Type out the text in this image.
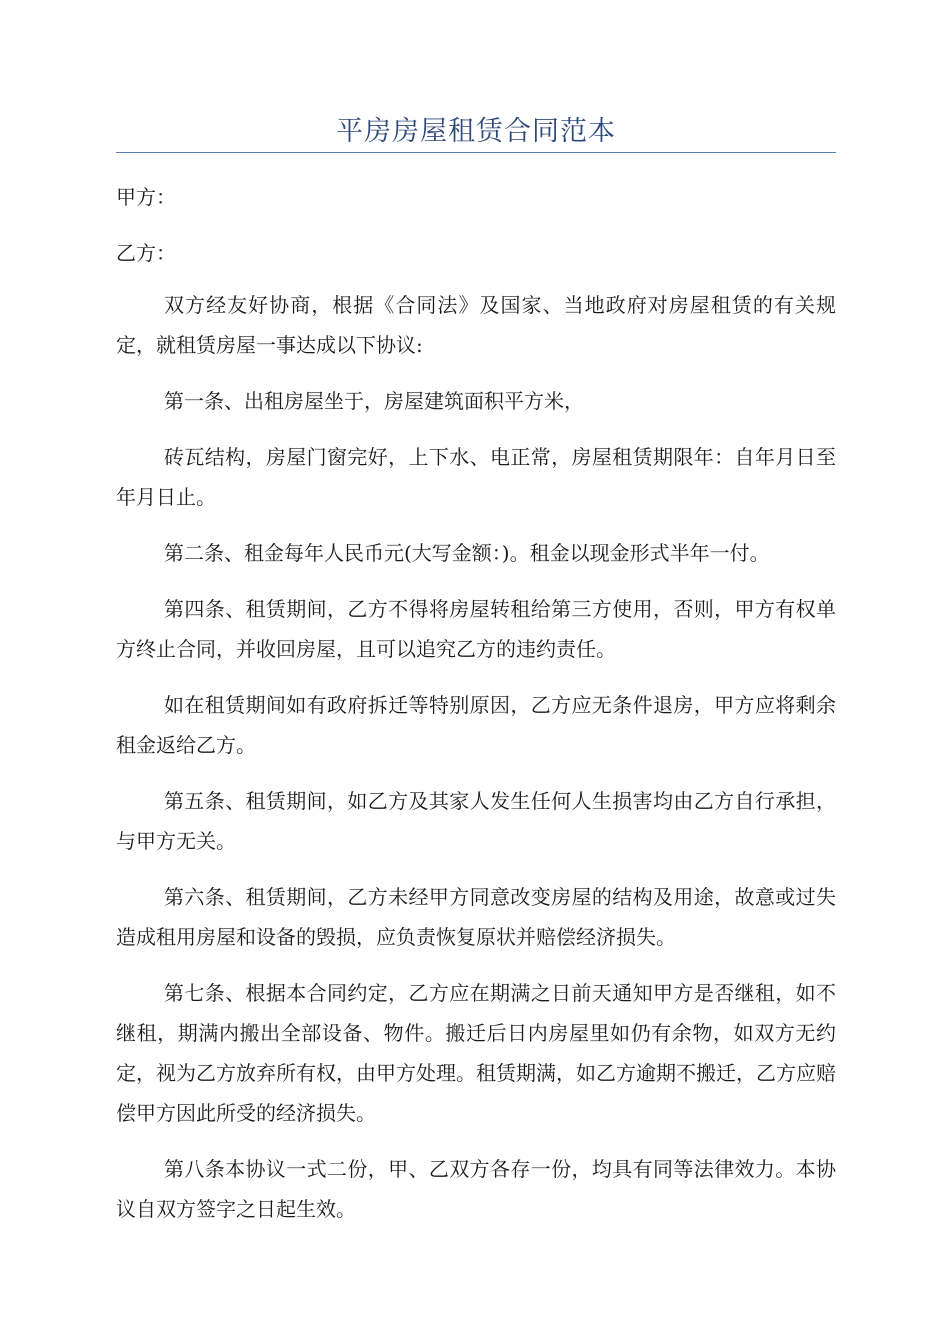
平房房屋租赁合同范本

甲方：

乙方：

双方经友好协商，根据《合同法》及国家、当地政府对房屋租赁的有关规定，就租赁房屋一事达成以下协议:

第一条、出租房屋坐于，房屋建筑面积平方米，

砖瓦结构，房屋门窗完好，上下水、电正常，房屋租赁期限年：自年月日至年月日止。

第二条、租金每年人民币元(大写金额：)。租金以现金形式半年一付。

第四条、租赁期间，乙方不得将房屋转租给第三方使用，否则，甲方有权单方终止合同，并收回房屋，且可以追究乙方的违约责任。

如在租赁期间如有政府拆迁等特别原因，乙方应无条件退房，甲方应将剩余租金返给乙方。

第五条、租赁期间，如乙方及其家人发生任何人生损害均由乙方自行承担，与甲方无关。

第六条、租赁期间，乙方未经甲方同意改变房屋的结构及用途，故意或过失造成租用房屋和设备的毁损，应负责恢复原状并赔偿经济损失。

第七条、根据本合同约定，乙方应在期满之日前天通知甲方是否继租，如不继租，期满内搬出全部设备、物件。搬迁后日内房屋里如仍有余物，如双方无约定，视为乙方放弃所有权，由甲方处理。租赁期满，如乙方逾期不搬迁，乙方应赔偿甲方因此所受的经济损失。

第八条本协议一式二份，甲、乙双方各存一份，均具有同等法律效力。本协议自双方签字之日起生效。
